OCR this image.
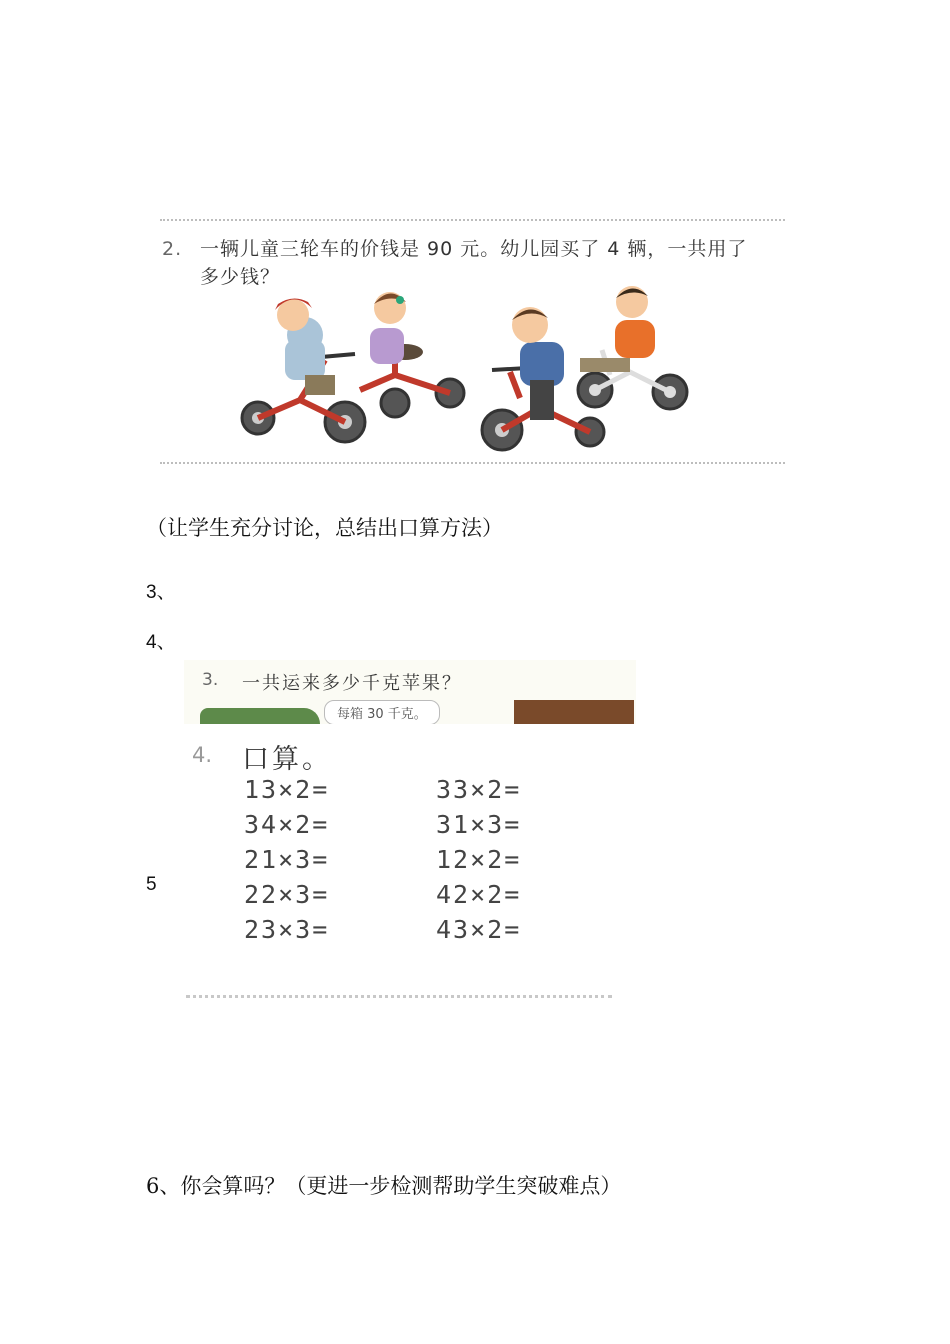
2. 一辆儿童三轮车的价钱是 90 元。幼儿园买了 4 辆，一共用了
多少钱？
（让学生充分讨论，总结出口算方法）
3、
4、
3. 一共运来多少千克苹果？
每箱 30 千克。
5
4. 口算。
13×2=
34×2=
21×3=
22×3=
23×3=
33×2=
31×3=
12×2=
42×2=
43×2=
6、你会算吗？（更进一步检测帮助学生突破难点）
